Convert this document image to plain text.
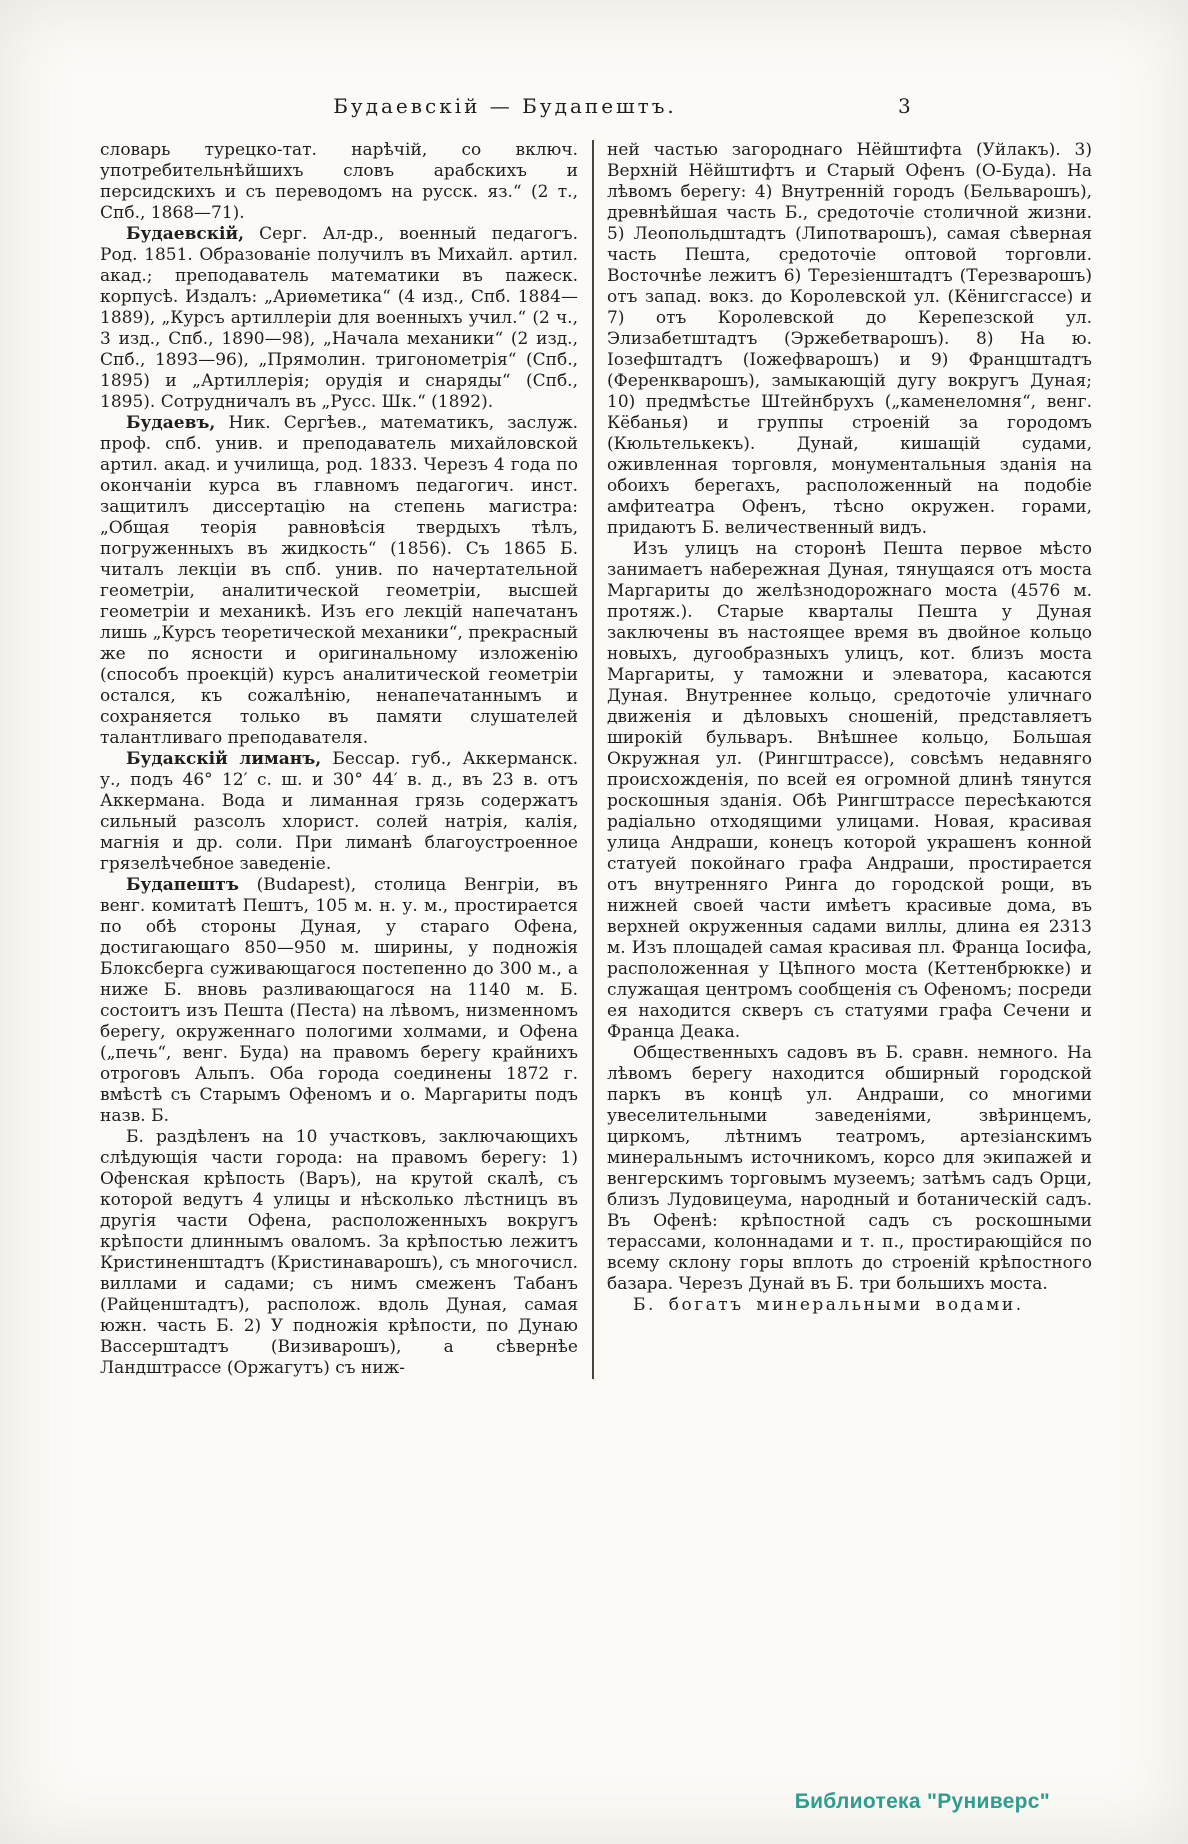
Будаевскій — Будапештъ.	3

словарь турецко-тат. нарѣчій, со включ. употребительнѣйшихъ словъ арабскихъ и персидскихъ и съ переводомъ на русск. яз.“ (2 т., Спб., 1868—71).

Будаевскій, Серг. Ал-др., военный педагогъ. Род. 1851. Образованіе получилъ въ Михайл. артил. акад.; преподаватель математики въ пажеск. корпусѣ. Издалъ: „Ариѳметика“ (4 изд., Спб. 1884—1889), „Курсъ артиллеріи для военныхъ учил.“ (2 ч., 3 изд., Спб., 1890—98), „Начала механики“ (2 изд., Спб., 1893—96), „Прямолин. тригонометрія“ (Спб., 1895) и „Артиллерія; орудія и снаряды“ (Спб., 1895). Сотрудничалъ въ „Русс. Шк.“ (1892).

Будаевъ, Ник. Сергѣев., математикъ, заслуж. проф. спб. унив. и преподаватель михайловской артил. акад. и училища, род. 1833. Черезъ 4 года по окончаніи курса въ главномъ педагогич. инст. защитилъ диссертацію на степень магистра: „Общая теорія равновѣсія твердыхъ тѣлъ, погруженныхъ въ жидкость“ (1856). Съ 1865 Б. читалъ лекціи въ спб. унив. по начертательной геометріи, аналитической геометріи, высшей геометріи и механикѣ. Изъ его лекцій напечатанъ лишь „Курсъ теоретической механики“, прекрасный же по ясности и оригинальному изложенію (способъ проекцій) курсъ аналитической геометріи остался, къ сожалѣнію, ненапечатаннымъ и сохраняется только въ памяти слушателей талантливаго преподавателя.

Будакскій лиманъ, Бессар. губ., Аккерманск. у., подъ 46° 12′ с. ш. и 30° 44′ в. д., въ 23 в. отъ Аккермана. Вода и лиманная грязь содержатъ сильный разсолъ хлорист. солей натрія, калія, магнія и др. соли. При лиманѣ благоустроенное грязелѣчебное заведеніе.

Будапештъ (Budapest), столица Венгріи, въ венг. комитатѣ Пештъ, 105 м. н. у. м., простирается по обѣ стороны Дуная, у стараго Офена, достигающаго 850—950 м. ширины, у подножія Блоксберга суживающагося постепенно до 300 м., а ниже Б. вновь разливающагося на 1140 м. Б. состоитъ изъ Пешта (Песта) на лѣвомъ, низменномъ берегу, окруженнаго пологими холмами, и Офена („печь“, венг. Буда) на правомъ берегу крайнихъ отроговъ Альпъ. Оба города соединены 1872 г. вмѣстѣ съ Старымъ Офеномъ и о. Маргариты подъ назв. Б.

Б. раздѣленъ на 10 участковъ, заключающихъ слѣдующія части города: на правомъ берегу: 1) Офенская крѣпость (Варъ), на крутой скалѣ, съ которой ведутъ 4 улицы и нѣсколько лѣстницъ въ другія части Офена, расположенныхъ вокругъ крѣпости длиннымъ оваломъ. За крѣпостью лежитъ Кристиненштадтъ (Кристинаварошъ), съ многочисл. виллами и садами; съ нимъ смеженъ Табанъ (Райценштадтъ), располож. вдоль Дуная, самая южн. часть Б. 2) У подножія крѣпости, по Дунаю Вассерштадтъ (Визиварошъ), а сѣвернѣе Ландштрассе (Оржагутъ) съ ниж-

ней частью загороднаго Нёйштифта (Уйлакъ). 3) Верхній Нёйштифтъ и Старый Офенъ (О-Буда). На лѣвомъ берегу: 4) Внутренній городъ (Бельварошъ), древнѣйшая часть Б., средоточіе столичной жизни. 5) Леопольдштадтъ (Липотварошъ), самая сѣверная часть Пешта, средоточіе оптовой торговли. Восточнѣе лежитъ 6) Терезіенштадтъ (Терезварошъ) отъ запад. вокз. до Королевской ул. (Кёнигсгассе) и 7) отъ Королевской до Керепезской ул. Элизабетштадтъ (Эржебетварошъ). 8) На ю. Іозефштадтъ (Іожефварошъ) и 9) Францштадтъ (Ференкварошъ), замыкающій дугу вокругъ Дуная; 10) предмѣстье Штейнбрухъ („каменеломня“, венг. Кёбанья) и группы строеній за городомъ (Кюльтелькекъ). Дунай, кишащій судами, оживленная торговля, монументальныя зданія на обоихъ берегахъ, расположенный на подобіе амфитеатра Офенъ, тѣсно окружен. горами, придаютъ Б. величественный видъ.

Изъ улицъ на сторонѣ Пешта первое мѣсто занимаетъ набережная Дуная, тянущаяся отъ моста Маргариты до желѣзнодорожнаго моста (4576 м. протяж.). Старые кварталы Пешта у Дуная заключены въ настоящее время въ двойное кольцо новыхъ, дугообразныхъ улицъ, кот. близъ моста Маргариты, у таможни и элеватора, касаются Дуная. Внутреннее кольцо, средоточіе уличнаго движенія и дѣловыхъ сношеній, представляетъ широкій бульваръ. Внѣшнее кольцо, Большая Окружная ул. (Рингштрассе), совсѣмъ недавняго происхожденія, по всей ея огромной длинѣ тянутся роскошныя зданія. Обѣ Рингштрассе пересѣкаются радіально отходящими улицами. Новая, красивая улица Андраши, конецъ которой украшенъ конной статуей покойнаго графа Андраши, простирается отъ внутренняго Ринга до городской рощи, въ нижней своей части имѣетъ красивые дома, въ верхней окруженныя садами виллы, длина ея 2313 м. Изъ площадей самая красивая пл. Франца Іосифа, расположенная у Цѣпного моста (Кеттенбрюкке) и служащая центромъ сообщенія съ Офеномъ; посреди ея находится скверъ съ статуями графа Сечени и Франца Деака.

Общественныхъ садовъ въ Б. сравн. немного. На лѣвомъ берегу находится обширный городской паркъ въ концѣ ул. Андраши, со многими увеселительными заведеніями, звѣринцемъ, циркомъ, лѣтнимъ театромъ, артезіанскимъ минеральнымъ источникомъ, корсо для экипажей и венгерскимъ торговымъ музеемъ; затѣмъ садъ Орци, близъ Лудовицеума, народный и ботаническій садъ. Въ Офенѣ: крѣпостной садъ съ роскошными терассами, колоннадами и т. п., простирающійся по всему склону горы вплоть до строеній крѣпостного базара. Черезъ Дунай въ Б. три большихъ моста.

Б. богатъ минеральными водами.

Библиотека "Руниверс"
